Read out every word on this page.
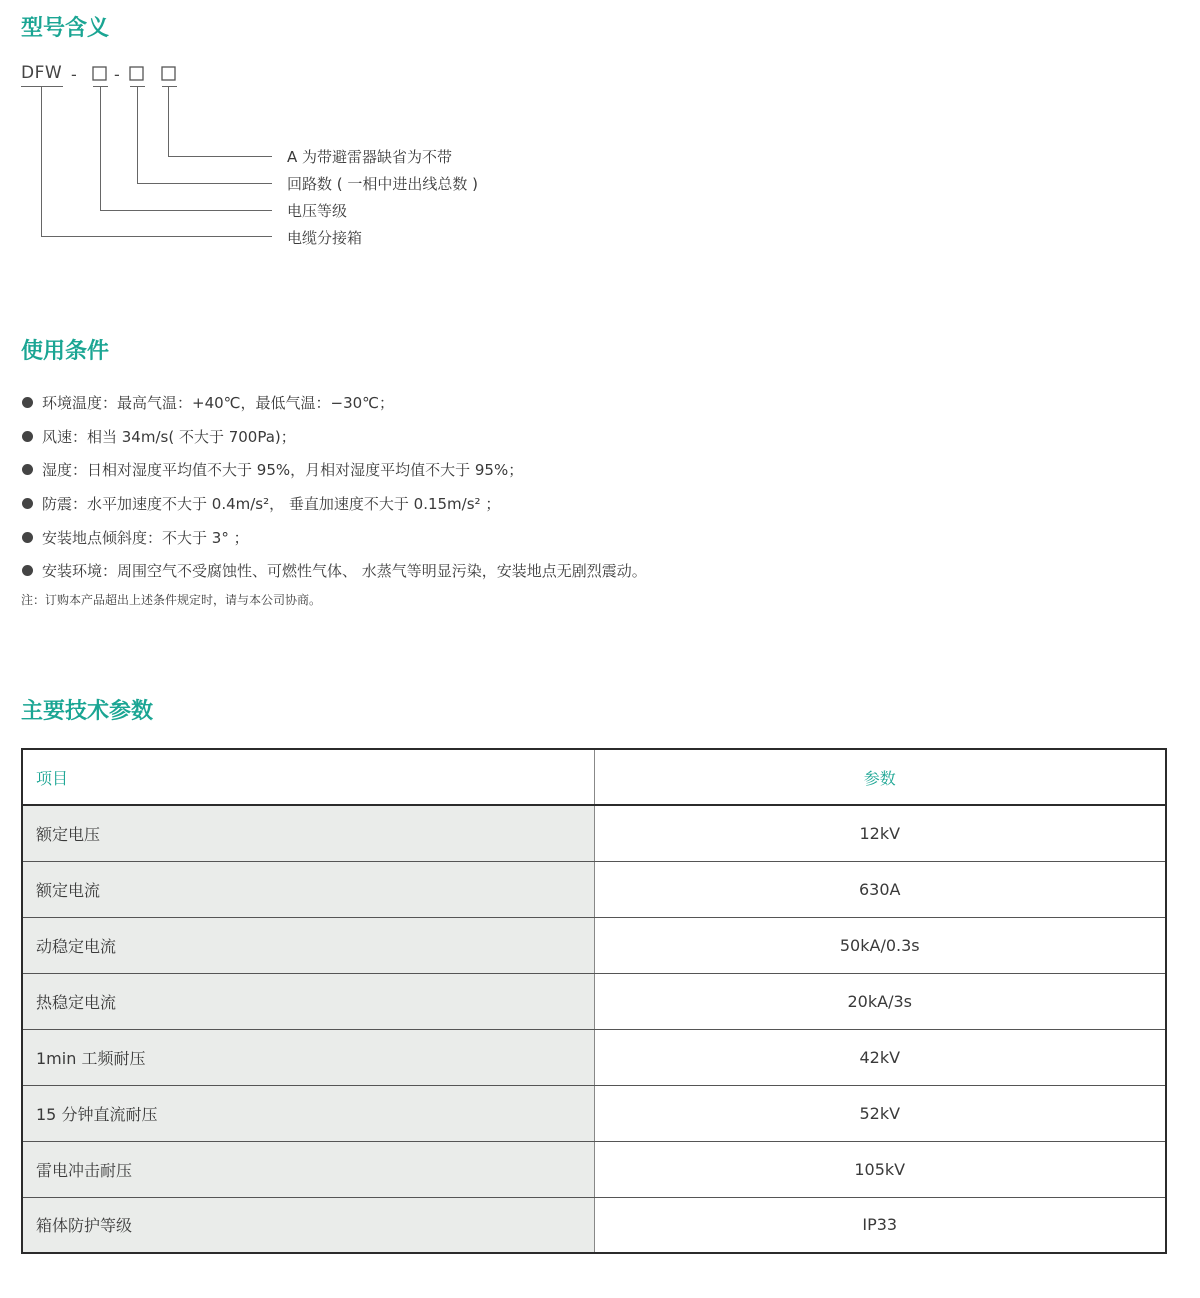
型号含义
DFW - -
A 为带避雷器缺省为不带
回路数 ( 一相中进出线总数 )
电压等级
电缆分接箱
使用条件
环境温度：最高气温：+40℃，最低气温：−30℃；
风速：相当 34m/s( 不大于 700Pa)；
湿度：日相对湿度平均值不大于 95%，月相对湿度平均值不大于 95%；
防震：水平加速度不大于 0.4m/s²， 垂直加速度不大于 0.15m/s² ；
安装地点倾斜度：不大于 3° ；
安装环境：周围空气不受腐蚀性、可燃性气体、 水蒸气等明显污染，安装地点无剧烈震动。
注：订购本产品超出上述条件规定时，请与本公司协商。
主要技术参数
项目	参数
额定电压	12kV
额定电流	630A
动稳定电流	50kA/0.3s
热稳定电流	20kA/3s
1min 工频耐压	42kV
15 分钟直流耐压	52kV
雷电冲击耐压	105kV
箱体防护等级	IP33
